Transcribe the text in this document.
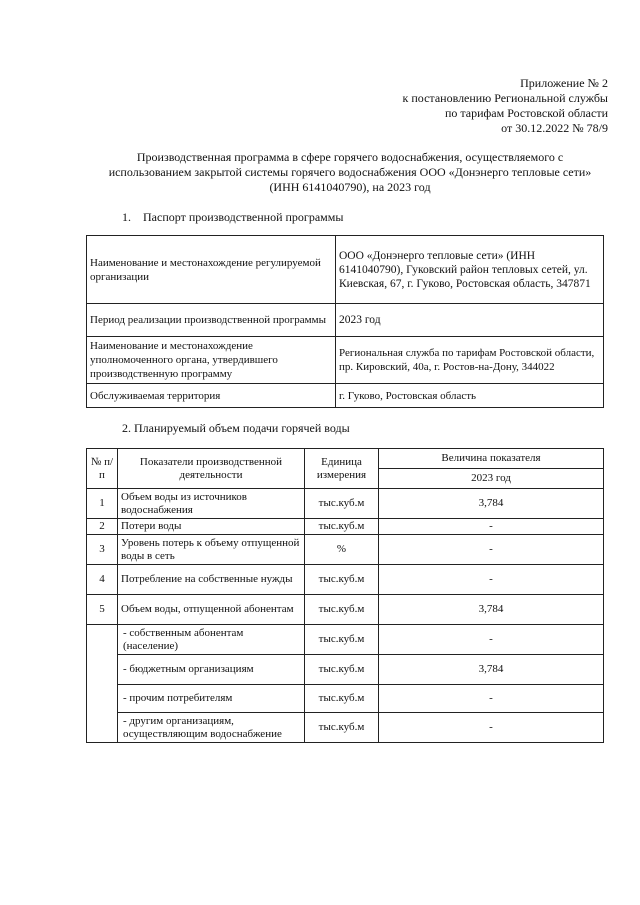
Приложение № 2
к постановлению Региональной службы
по тарифам Ростовской области
от 30.12.2022 № 78/9
Производственная программа в сфере горячего водоснабжения, осуществляемого с использованием закрытой системы горячего водоснабжения ООО «Донэнерго тепловые сети» (ИНН 6141040790), на 2023 год
1. Паспорт производственной программы
Наименование и местонахождение регулируемой организации	ООО «Донэнерго тепловые сети» (ИНН 6141040790), Гуковский район тепловых сетей, ул. Киевская, 67, г. Гуково, Ростовская область, 347871
Период реализации производственной программы	2023 год
Наименование и местонахождение уполномоченного органа, утвердившего производственную программу	Региональная служба по тарифам Ростовской области, пр. Кировский, 40а, г. Ростов-на-Дону, 344022
Обслуживаемая территория	г. Гуково, Ростовская область
2. Планируемый объем подачи горячей воды
№ п/п	Показатели производственной деятельности	Единица измерения	Величина показателя
			2023 год
1	Объем воды из источников водоснабжения	тыс.куб.м	3,784
2	Потери воды	тыс.куб.м	-
3	Уровень потерь к объему отпущенной воды в сеть	%	-
4	Потребление на собственные нужды	тыс.куб.м	-
5	Объем воды, отпущенной абонентам	тыс.куб.м	3,784
	- собственным абонентам (население)	тыс.куб.м	-
	- бюджетным организациям	тыс.куб.м	3,784
	- прочим потребителям	тыс.куб.м	-
	- другим организациям, осуществляющим водоснабжение	тыс.куб.м	-
